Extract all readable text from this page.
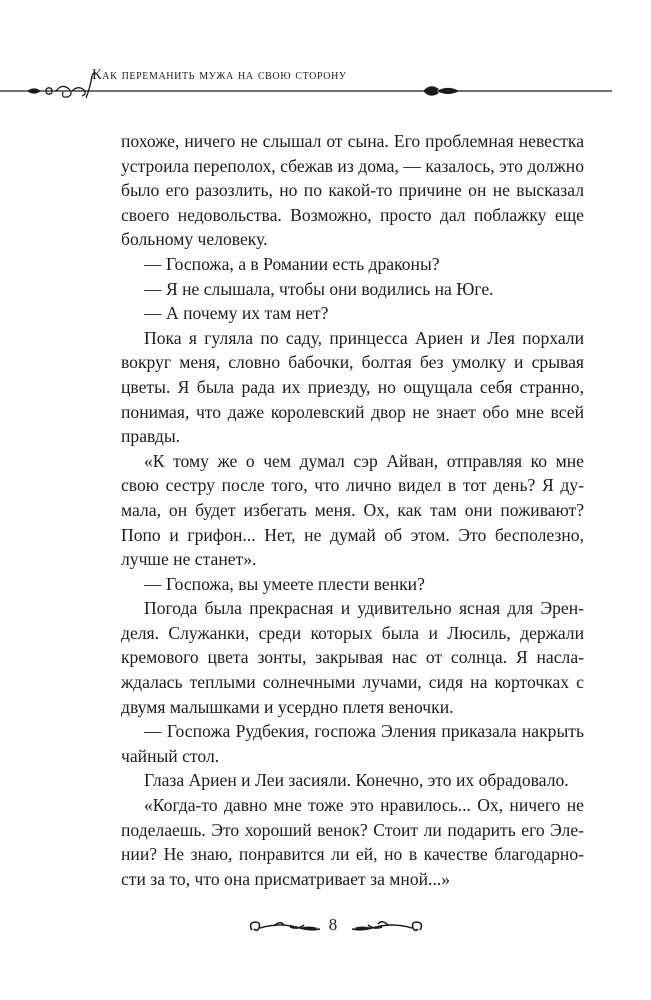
Как переманить мужа на свою сторону

похоже, ничего не слышал от сына. Его проблемная невестка устроила переполох, сбежав из дома, — казалось, это должно было его разозлить, но по какой-то причине он не высказал своего недовольства. Возможно, просто дал поблажку еще больному человеку.

— Госпожа, а в Романии есть драконы?

— Я не слышала, чтобы они водились на Юге.

— А почему их там нет?

Пока я гуляла по саду, принцесса Ариен и Лея порхали вокруг меня, словно бабочки, болтая без умолку и срывая цветы. Я была рада их приезду, но ощущала себя странно, понимая, что даже королевский двор не знает обо мне всей правды.

«К тому же о чем думал сэр Айван, отправляя ко мне свою сестру после того, что лично видел в тот день? Я думала, он будет избегать меня. Ох, как там они поживают? Попо и грифон... Нет, не думай об этом. Это бесполезно, лучше не станет».

— Госпожа, вы умеете плести венки?

Погода была прекрасная и удивительно ясная для Эренделя. Служанки, среди которых была и Люсиль, держали кремового цвета зонты, закрывая нас от солнца. Я наслаждалась теплыми солнечными лучами, сидя на корточках с двумя малышками и усердно плетя веночки.

— Госпожа Рудбекия, госпожа Эления приказала накрыть чайный стол.

Глаза Ариен и Леи засияли. Конечно, это их обрадовало.

«Когда-то давно мне тоже это нравилось... Ох, ничего не поделаешь. Это хороший венок? Стоит ли подарить его Элении? Не знаю, понравится ли ей, но в качестве благодарности за то, что она присматривает за мной...»

8
